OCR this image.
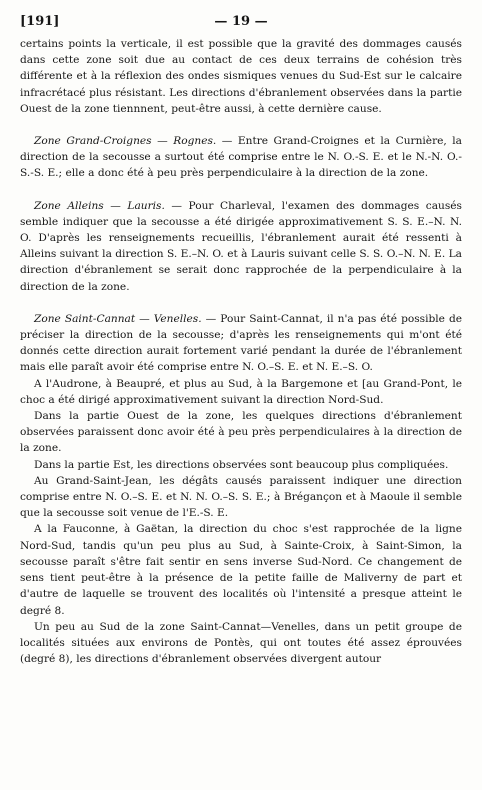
[191]	— 19 —

certains points la verticale, il est possible que la gravité des dommages causés dans cette zone soit due au contact de ces deux terrains de cohésion très différente et à la réflexion des ondes sismiques venues du Sud-Est sur le calcaire infracrétacé plus résistant. Les directions d'ébranlement observées dans la partie Ouest de la zone tiennnent, peut-être aussi, à cette dernière cause.

Zone Grand-Croignes — Rognes. — Entre Grand-Croignes et la Curnière, la direction de la secousse a surtout été comprise entre le N. O.-S. E. et le N.-N. O.-S.-S. E.; elle a donc été à peu près perpendiculaire à la direction de la zone.

Zone Alleins — Lauris. — Pour Charleval, l'examen des dommages causés semble indiquer que la secousse a été dirigée approximativement S. S. E.–N. N. O. D'après les renseignements recueillis, l'ébranlement aurait été ressenti à Alleins suivant la direction S. E.–N. O. et à Lauris suivant celle S. S. O.–N. N. E. La direction d'ébranlement se serait donc rapprochée de la perpendiculaire à la direction de la zone.

Zone Saint-Cannat — Venelles. — Pour Saint-Cannat, il n'a pas été possible de préciser la direction de la secousse; d'après les renseignements qui m'ont été donnés cette direction aurait fortement varié pendant la durée de l'ébranlement mais elle paraît avoir été comprise entre N. O.–S. E. et N. E.–S. O.

A l'Audrone, à Beaupré, et plus au Sud, à la Bargemone et [au Grand-Pont, le choc a été dirigé approximativement suivant la direction Nord-Sud.

Dans la partie Ouest de la zone, les quelques directions d'ébranlement observées paraissent donc avoir été à peu près perpendiculaires à la direction de la zone.

Dans la partie Est, les directions observées sont beaucoup plus compliquées.

Au Grand-Saint-Jean, les dégâts causés paraissent indiquer une direction comprise entre N. O.–S. E. et N. N. O.–S. S. E.; à Brégançon et à Maoule il semble que la secousse soit venue de l'E.-S. E.

A la Fauconne, à Gaëtan, la direction du choc s'est rapprochée de la ligne Nord-Sud, tandis qu'un peu plus au Sud, à Sainte-Croix, à Saint-Simon, la secousse paraît s'être fait sentir en sens inverse Sud-Nord. Ce changement de sens tient peut-être à la présence de la petite faille de Maliverny de part et d'autre de laquelle se trouvent des localités où l'intensité a presque atteint le degré 8.

Un peu au Sud de la zone Saint-Cannat—Venelles, dans un petit groupe de localités situées aux environs de Pontès, qui ont toutes été assez éprouvées (degré 8), les directions d'ébranlement observées divergent autour
